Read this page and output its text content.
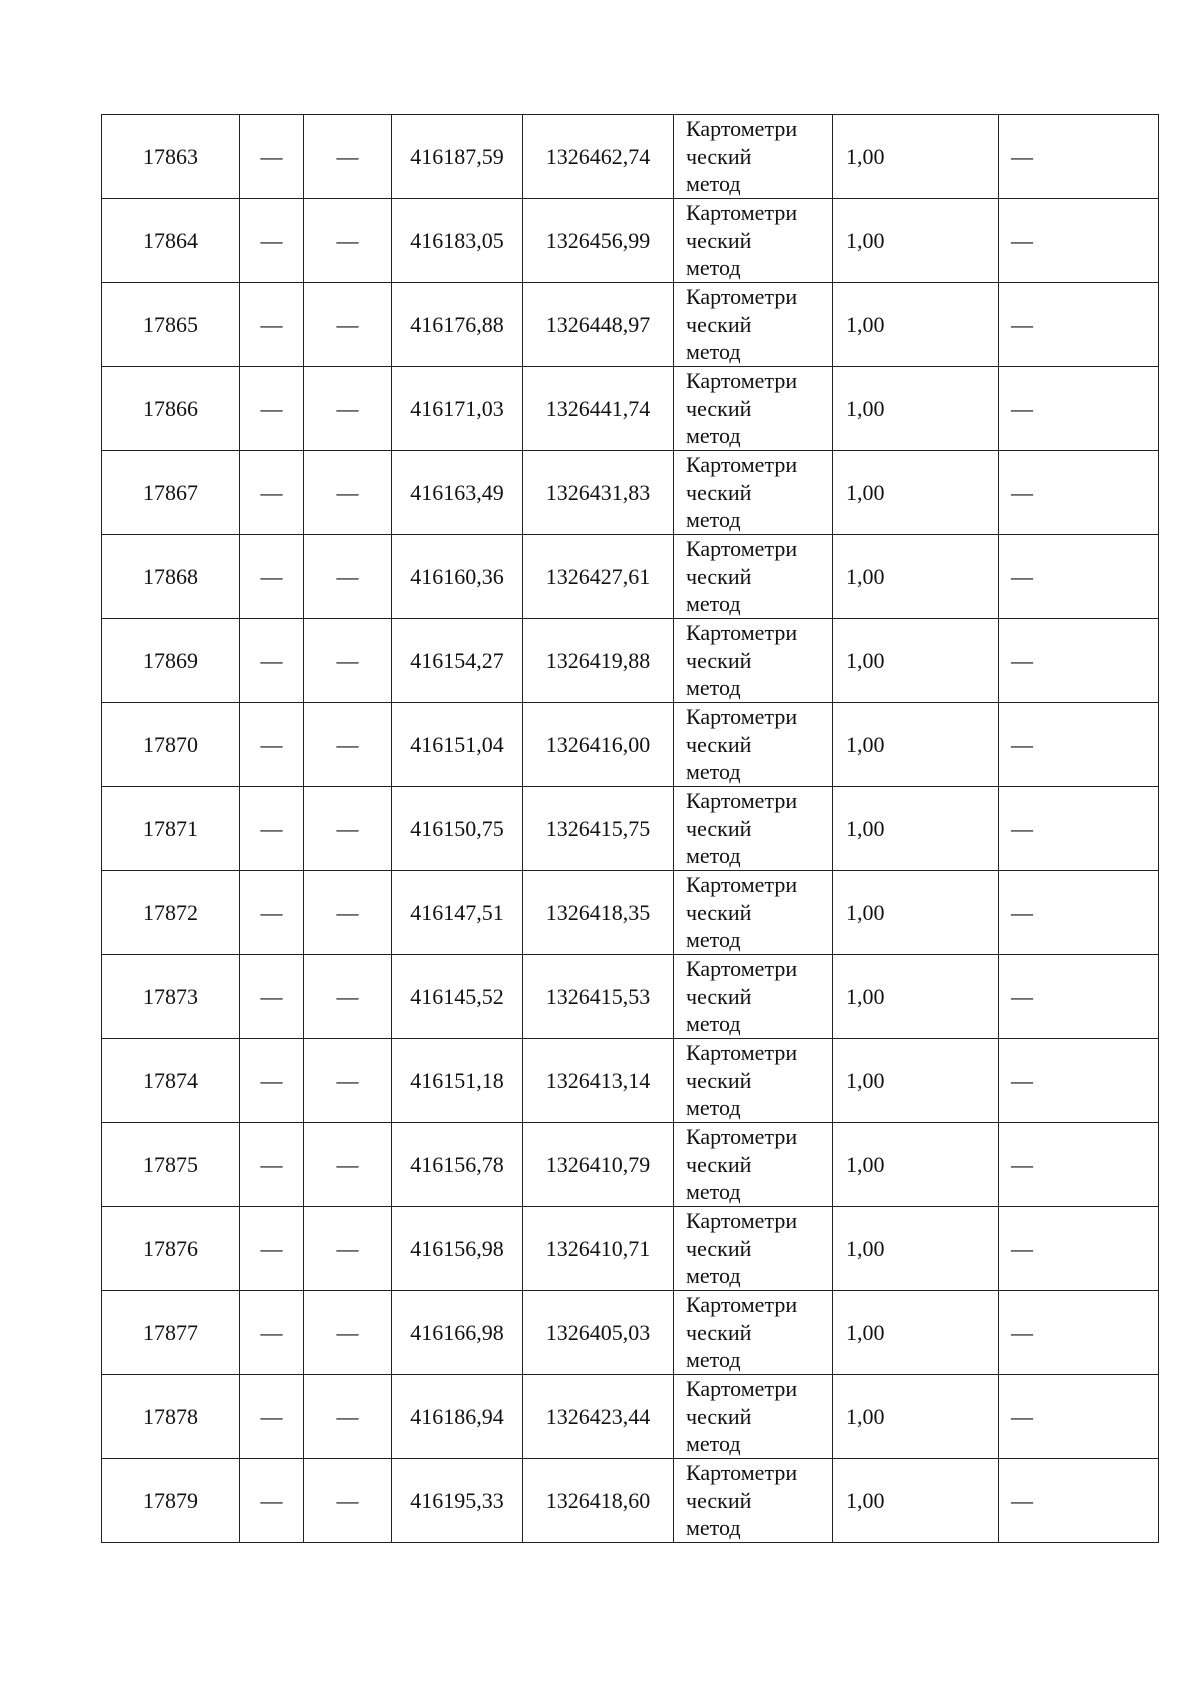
17863	—	—	416187,59	1326462,74	Картометри
ческий
метод	1,00	—
17864	—	—	416183,05	1326456,99	Картометри
ческий
метод	1,00	—
17865	—	—	416176,88	1326448,97	Картометри
ческий
метод	1,00	—
17866	—	—	416171,03	1326441,74	Картометри
ческий
метод	1,00	—
17867	—	—	416163,49	1326431,83	Картометри
ческий
метод	1,00	—
17868	—	—	416160,36	1326427,61	Картометри
ческий
метод	1,00	—
17869	—	—	416154,27	1326419,88	Картометри
ческий
метод	1,00	—
17870	—	—	416151,04	1326416,00	Картометри
ческий
метод	1,00	—
17871	—	—	416150,75	1326415,75	Картометри
ческий
метод	1,00	—
17872	—	—	416147,51	1326418,35	Картометри
ческий
метод	1,00	—
17873	—	—	416145,52	1326415,53	Картометри
ческий
метод	1,00	—
17874	—	—	416151,18	1326413,14	Картометри
ческий
метод	1,00	—
17875	—	—	416156,78	1326410,79	Картометри
ческий
метод	1,00	—
17876	—	—	416156,98	1326410,71	Картометри
ческий
метод	1,00	—
17877	—	—	416166,98	1326405,03	Картометри
ческий
метод	1,00	—
17878	—	—	416186,94	1326423,44	Картометри
ческий
метод	1,00	—
17879	—	—	416195,33	1326418,60	Картометри
ческий
метод	1,00	—
